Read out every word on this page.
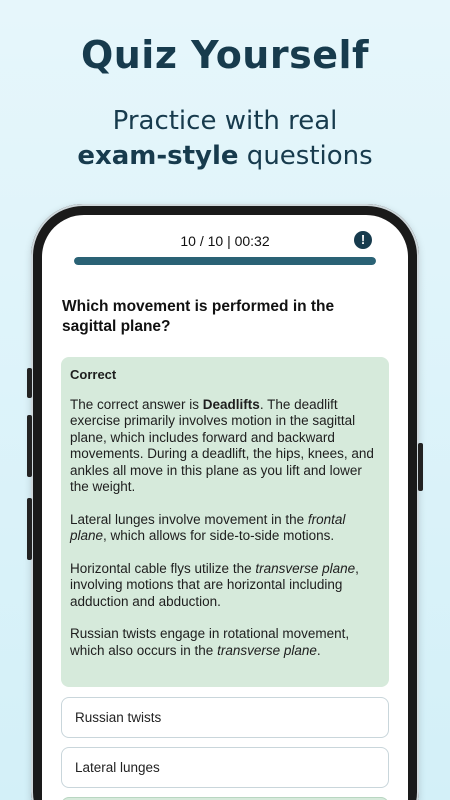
Quiz Yourself
Practice with real
exam-style questions
10 / 10 | 00:32	!
Which movement is performed in the sagittal plane?
Correct

The correct answer is Deadlifts. The deadlift exercise primarily involves motion in the sagittal plane, which includes forward and backward movements. During a deadlift, the hips, knees, and ankles all move in this plane as you lift and lower the weight.

Lateral lunges involve movement in the frontal plane, which allows for side-to-side motions.

Horizontal cable flys utilize the transverse plane, involving motions that are horizontal including adduction and abduction.

Russian twists engage in rotational movement, which also occurs in the transverse plane.

Russian twists
Lateral lunges
